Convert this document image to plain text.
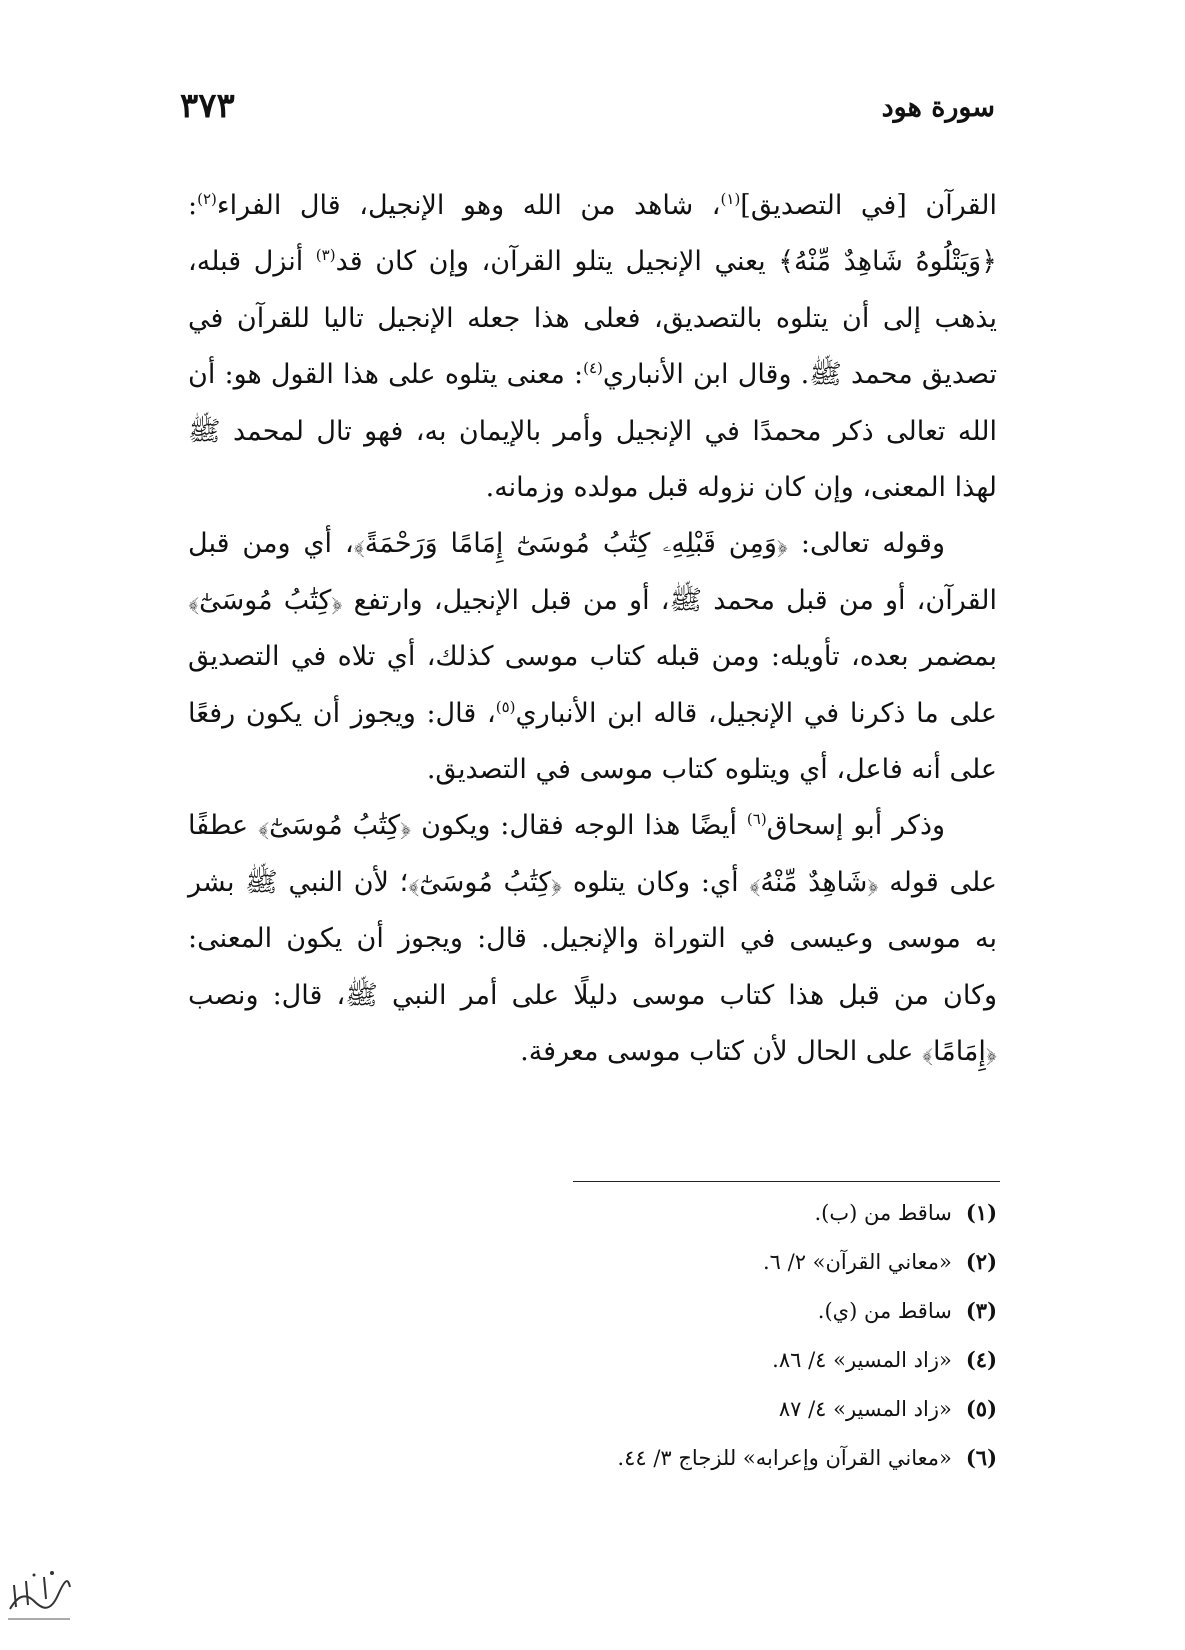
سورة هود
٣٧٣

القرآن [في التصديق]$^{(١)}$، شاهد من الله وهو الإنجيل، قال الفراء$^{(٢)}$: ﴿وَيَتْلُوهُ شَاهِدٌ مِّنْهُ﴾ يعني الإنجيل يتلو القرآن، وإن كان قد$^{(٣)}$ أنزل قبله، يذهب إلى أن يتلوه بالتصديق، فعلى هذا جعله الإنجيل تاليا للقرآن في تصديق محمد ﷺ. وقال ابن الأنباري$^{(٤)}$: معنى يتلوه على هذا القول هو: أن الله تعالى ذكر محمدًا في الإنجيل وأمر بالإيمان به، فهو تال لمحمد ﷺ لهذا المعنى، وإن كان نزوله قبل مولده وزمانه.

وقوله تعالى: ﴿وَمِن قَبْلِهِۦ كِتَٰبُ مُوسَىٰٓ إِمَامًا وَرَحْمَةً﴾، أي ومن قبل القرآن، أو من قبل محمد ﷺ، أو من قبل الإنجيل، وارتفع ﴿كِتَٰبُ مُوسَىٰٓ﴾ بمضمر بعده، تأويله: ومن قبله كتاب موسى كذلك، أي تلاه في التصديق على ما ذكرنا في الإنجيل، قاله ابن الأنباري$^{(٥)}$، قال: ويجوز أن يكون رفعًا على أنه فاعل، أي ويتلوه كتاب موسى في التصديق.

وذكر أبو إسحاق$^{(٦)}$ أيضًا هذا الوجه فقال: ويكون ﴿كِتَٰبُ مُوسَىٰٓ﴾ عطفًا على قوله ﴿شَاهِدٌ مِّنْهُ﴾ أي: وكان يتلوه ﴿كِتَٰبُ مُوسَىٰٓ﴾؛ لأن النبي ﷺ بشر به موسى وعيسى في التوراة والإنجيل. قال: ويجوز أن يكون المعنى: وكان من قبل هذا كتاب موسى دليلًا على أمر النبي ﷺ، قال: ونصب ﴿إِمَامًا﴾ على الحال لأن كتاب موسى معرفة.

(١)ساقط من (ب).
(٢)«معاني القرآن» ٢/ ٦.
(٣)ساقط من (ي).
(٤)«زاد المسير» ٤/ ٨٦.
(٥)«زاد المسير» ٤/ ٨٧
(٦)«معاني القرآن وإعرابه» للزجاج ٣/ ٤٤.
